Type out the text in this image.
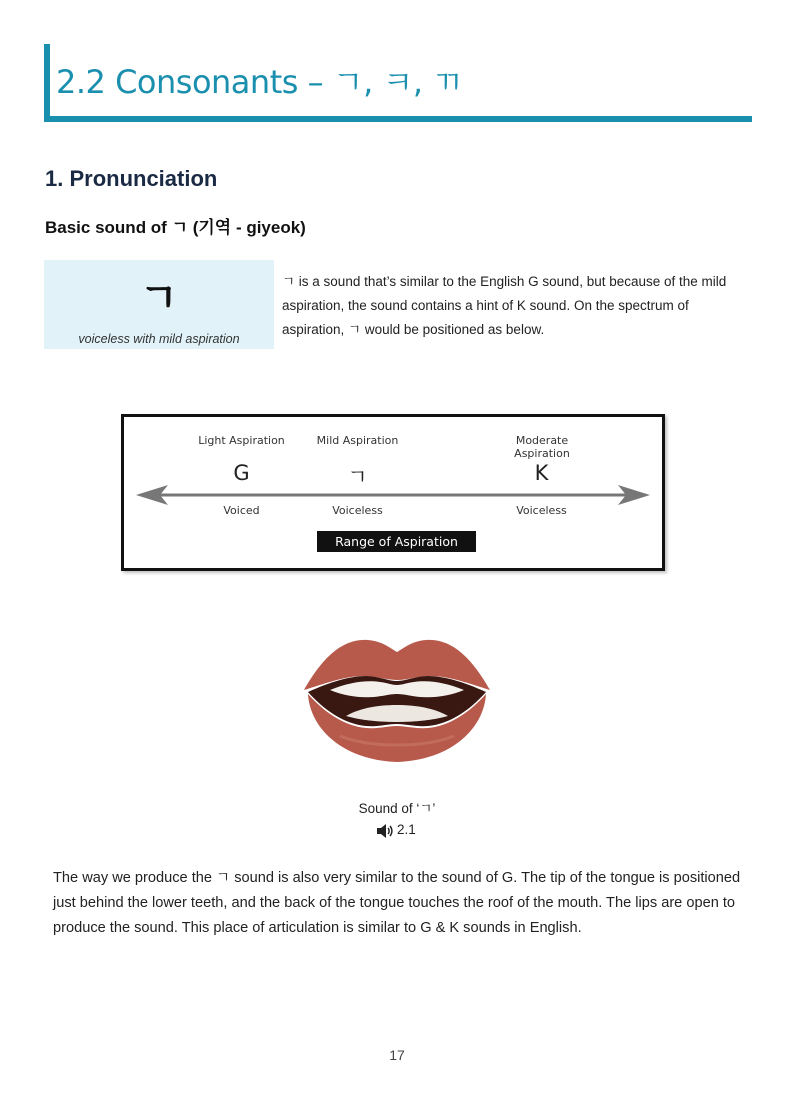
2.2 Consonants – ㄱ, ㅋ, ㄲ
1. Pronunciation
Basic sound of ㄱ (기역 - giyeok)
ㄱ
voiceless with mild aspiration
ㄱ is a sound that’s similar to the English G sound, but because of the mild aspiration, the sound contains a hint of K sound. On the spectrum of aspiration, ㄱ would be positioned as below.
Light Aspiration
G
Voiced
Mild Aspiration
ㄱ
Voiceless
Moderate Aspiration
K
Voiceless
Range of Aspiration
Sound of ‘ㄱ’
2.1
The way we produce the ㄱ sound is also very similar to the sound of G. The tip of the tongue is positioned just behind the lower teeth, and the back of the tongue touches the roof of the mouth. The lips are open to produce the sound. This place of articulation is similar to G & K sounds in English.
17
